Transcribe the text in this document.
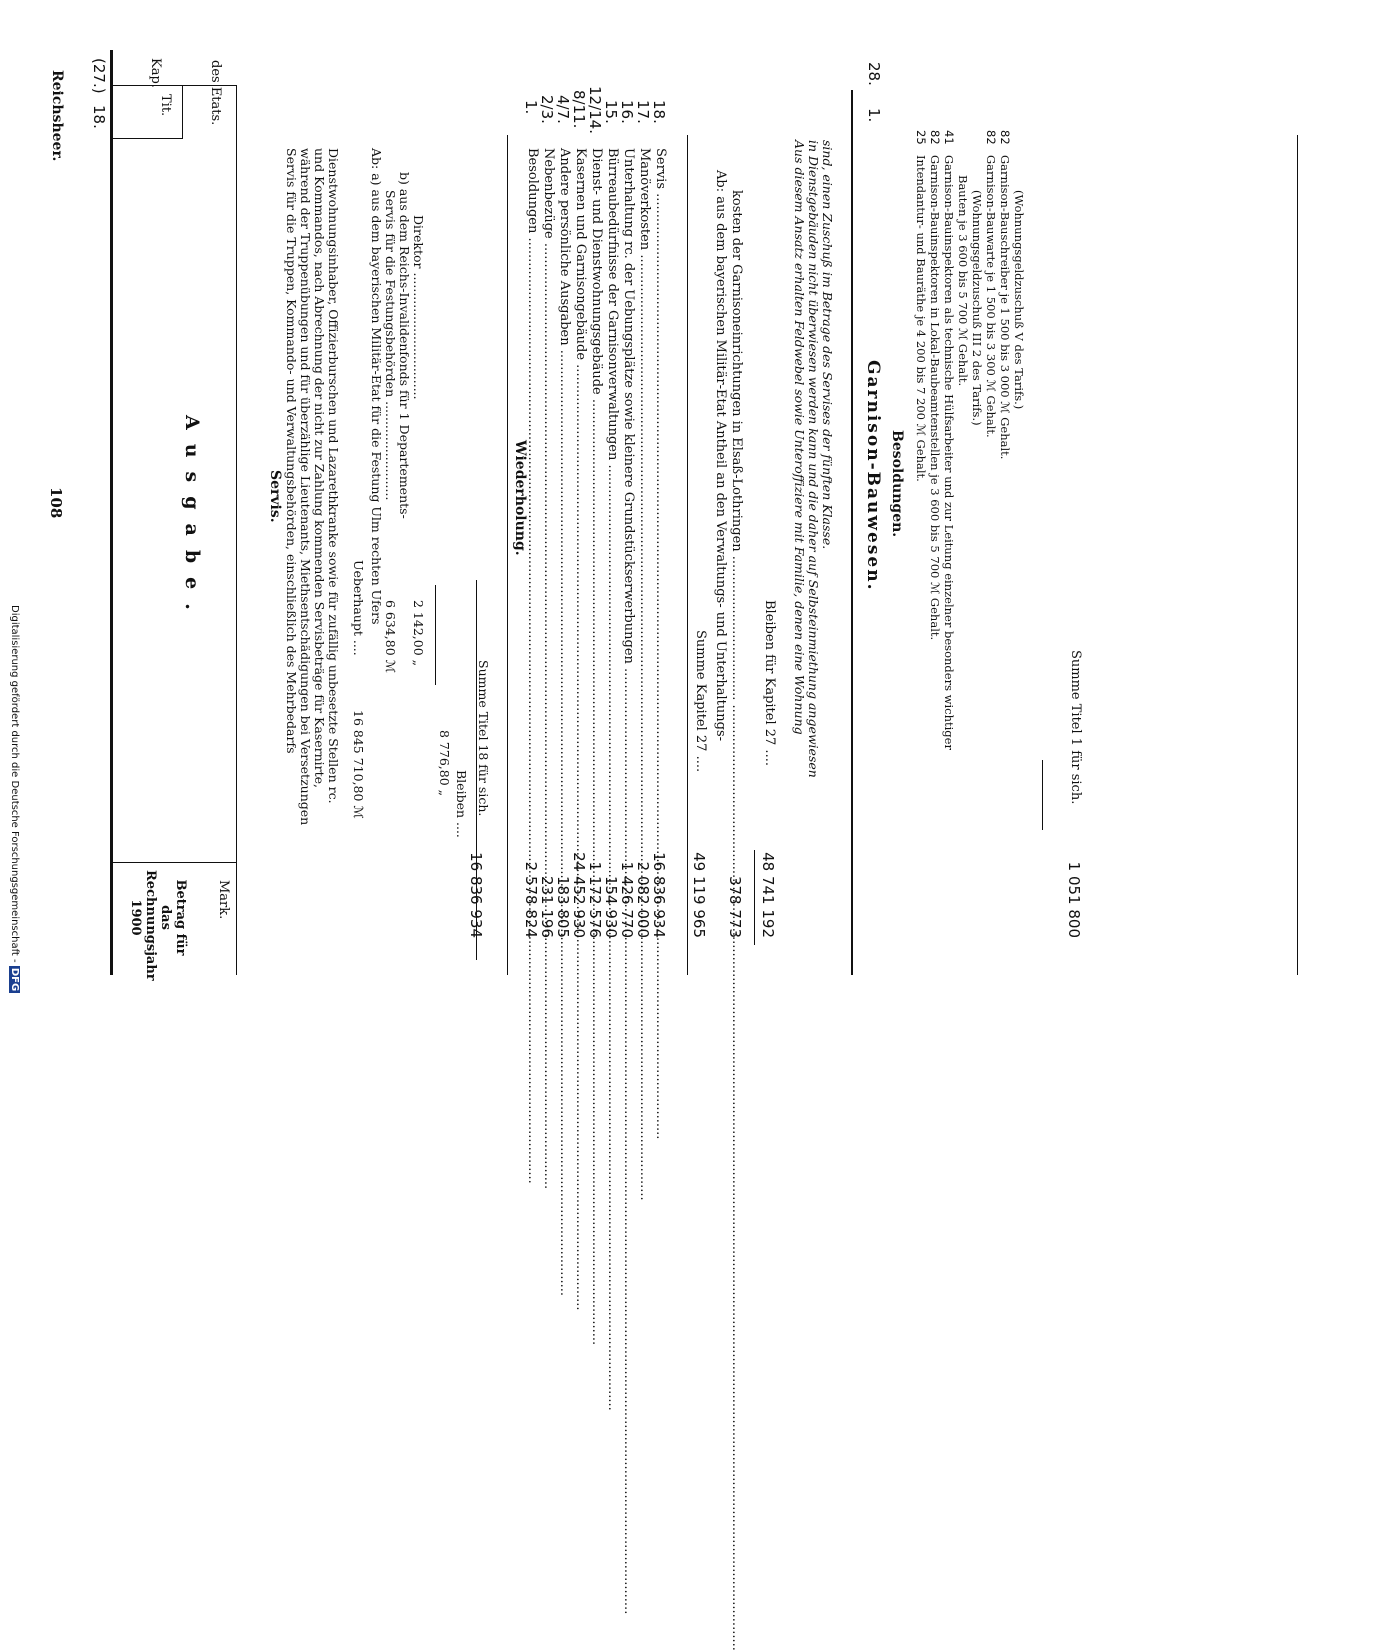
Reichsheer.
108
Kap.
Tit.	des Etats.
Ausgabe.
Betrag für das Rechnungsjahr 1900	Mark.
(27.)
18.
Servis. Servis für die Truppen, Kommando- und Verwaltungsbehörden, einschließlich des Mehrbedarfs während der Truppenübungen und für überzählige Lieutenants, Miethsentschädigungen bei Versetzungen und Kommandos, nach Abrechnung der nicht zur Zahlung kommenden Servisbeträge für Kasernirte, Dienstwohnungsinhaber, Offizierburschen und Lazarethkranke sowie für zufällig unbesetzte Stellen rc. Ueberhaupt ....
16 845 710,80 ℳ
Ab: a) aus dem bayerischen Militär-Etat für die Festung Ulm rechten Ufers Servis für die Festungsbehörden .........................
6 634,80 ℳ
b) aus dem Reichs-Invalidenfonds für 1 Departements- Direktor ................................
2 142,00 „
8 776,80 „
Bleiben .... Summe Titel 18 für sich.
16 836 934
Wiederholung.
1.
Besoldungen .....
2 578 824
2/3.
Nebenbezüge .....
231 196
4/7.
Andere persönliche Ausgaben .....
183 805
8/11.
Kasernen und Garnisongebäude .....
24 452 930
12/14.
Dienst- und Dienstwohnungsgebäude .....
1 172 576
15.
Bürreaubedürfnisse der Garnisonverwaltungen .....
154 930
16.
Unterhaltung rc. der Uebungsplätze sowie kleinere Grundstückserwerbungen .....
1 426 770
17.
Manöverkosten .....
2 082 000
18.
Servis .....
16 836 934
Aus diesem Ansatz erhalten Feldwebel sowie Unteroffiziere mit Familie, denen eine Wohnung in Dienstgebäuden nicht überwiesen werden kann und die daher auf Selbsteinmiethung angewiesen sind, einen Zuschuß im Betrage des Servises der fünften Klasse.
Summe Kapitel 27 ....
49 119 965
Ab: aus dem bayerischen Militär-Etat Antheil an den Verwaltungs- und Unterhaltungs- kosten der Garnisoneinrichtungen in Elsaß-Lothringen ................................... .....
378 773
Bleiben für Kapitel 27 ....
48 741 192
28.
1.
Garnison-Bauwesen. Besoldungen.
25
Intendantur- und Bauräthe je 4 200 bis 7 200 ℳ Gehalt.
82
Garnison-Bauinspektoren in Lokal-Baubeamtenstellen je 3 600 bis 5 700 ℳ Gehalt.
41
Garnison-Bauinspektoren als technische Hülfsarbeiter und zur Leitung einzelner besonders wichtiger Bauten je 3 600 bis 5 700 ℳ Gehalt. (Wohnungsgeldzuschuß III 2 des Tarifs.)
82
Garnison-Bauwarte je 1 500 bis 3 300 ℳ Gehalt.
82
Garnison-Bauschreiber je 1 500 bis 3 000 ℳ Gehalt. (Wohnungsgeldzuschuß V des Tarifs.)
Summe Titel 1 für sich.
1 051 800
Digitalisierung gefördert durch die Deutsche Forschungsgemeinschaft - DFG
